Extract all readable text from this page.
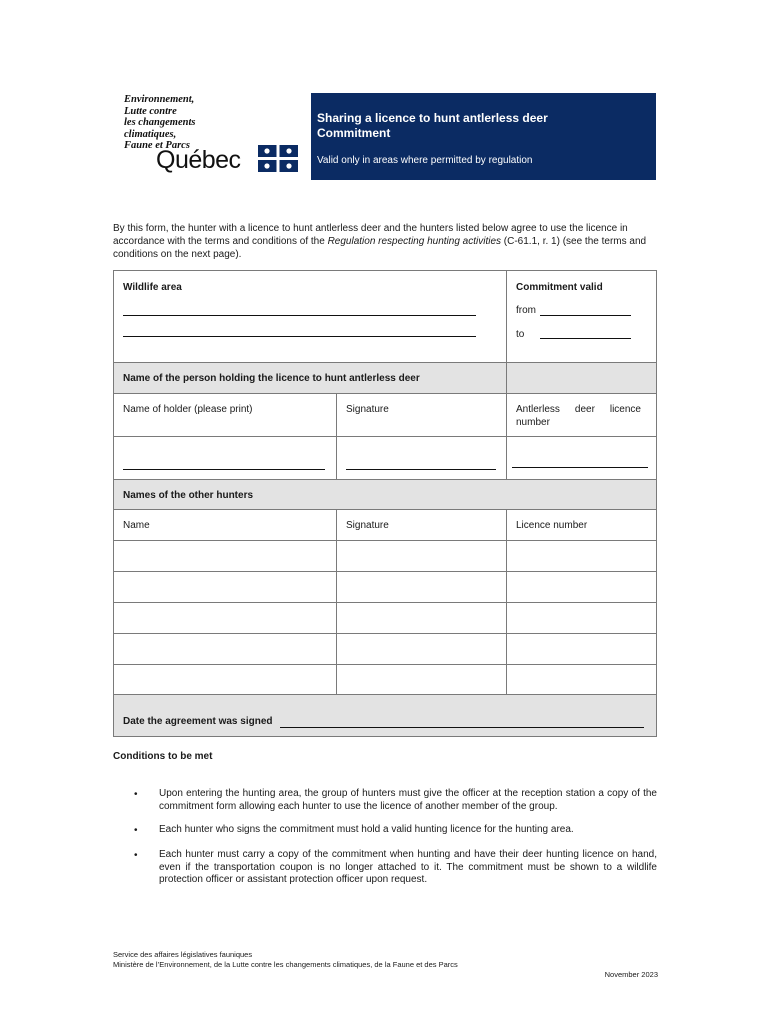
Environnement,
Lutte contre
les changements
climatiques,
Faune et Parcs
Québec
Sharing a licence to hunt antlerless deer
Commitment
Valid only in areas where permitted by regulation
By this form, the hunter with a licence to hunt antlerless deer and the hunters listed below agree to use the licence in accordance with the terms and conditions of the Regulation respecting hunting activities (C-61.1, r. 1) (see the terms and conditions on the next page).
Wildlife area	Commitment valid
from
to
Name of the person holding the licence to hunt antlerless deer
Name of holder (please print)	Signature	Antlerless deer licence number
Names of the other hunters
Name	Signature	Licence number
Date the agreement was signed
Conditions to be met
• Upon entering the hunting area, the group of hunters must give the officer at the reception station a copy of the commitment form allowing each hunter to use the licence of another member of the group.
• Each hunter who signs the commitment must hold a valid hunting licence for the hunting area.
• Each hunter must carry a copy of the commitment when hunting and have their deer hunting licence on hand, even if the transportation coupon is no longer attached to it. The commitment must be shown to a wildlife protection officer or assistant protection officer upon request.
Service des affaires législatives fauniques
Ministère de l’Environnement, de la Lutte contre les changements climatiques, de la Faune et des Parcs
November 2023
